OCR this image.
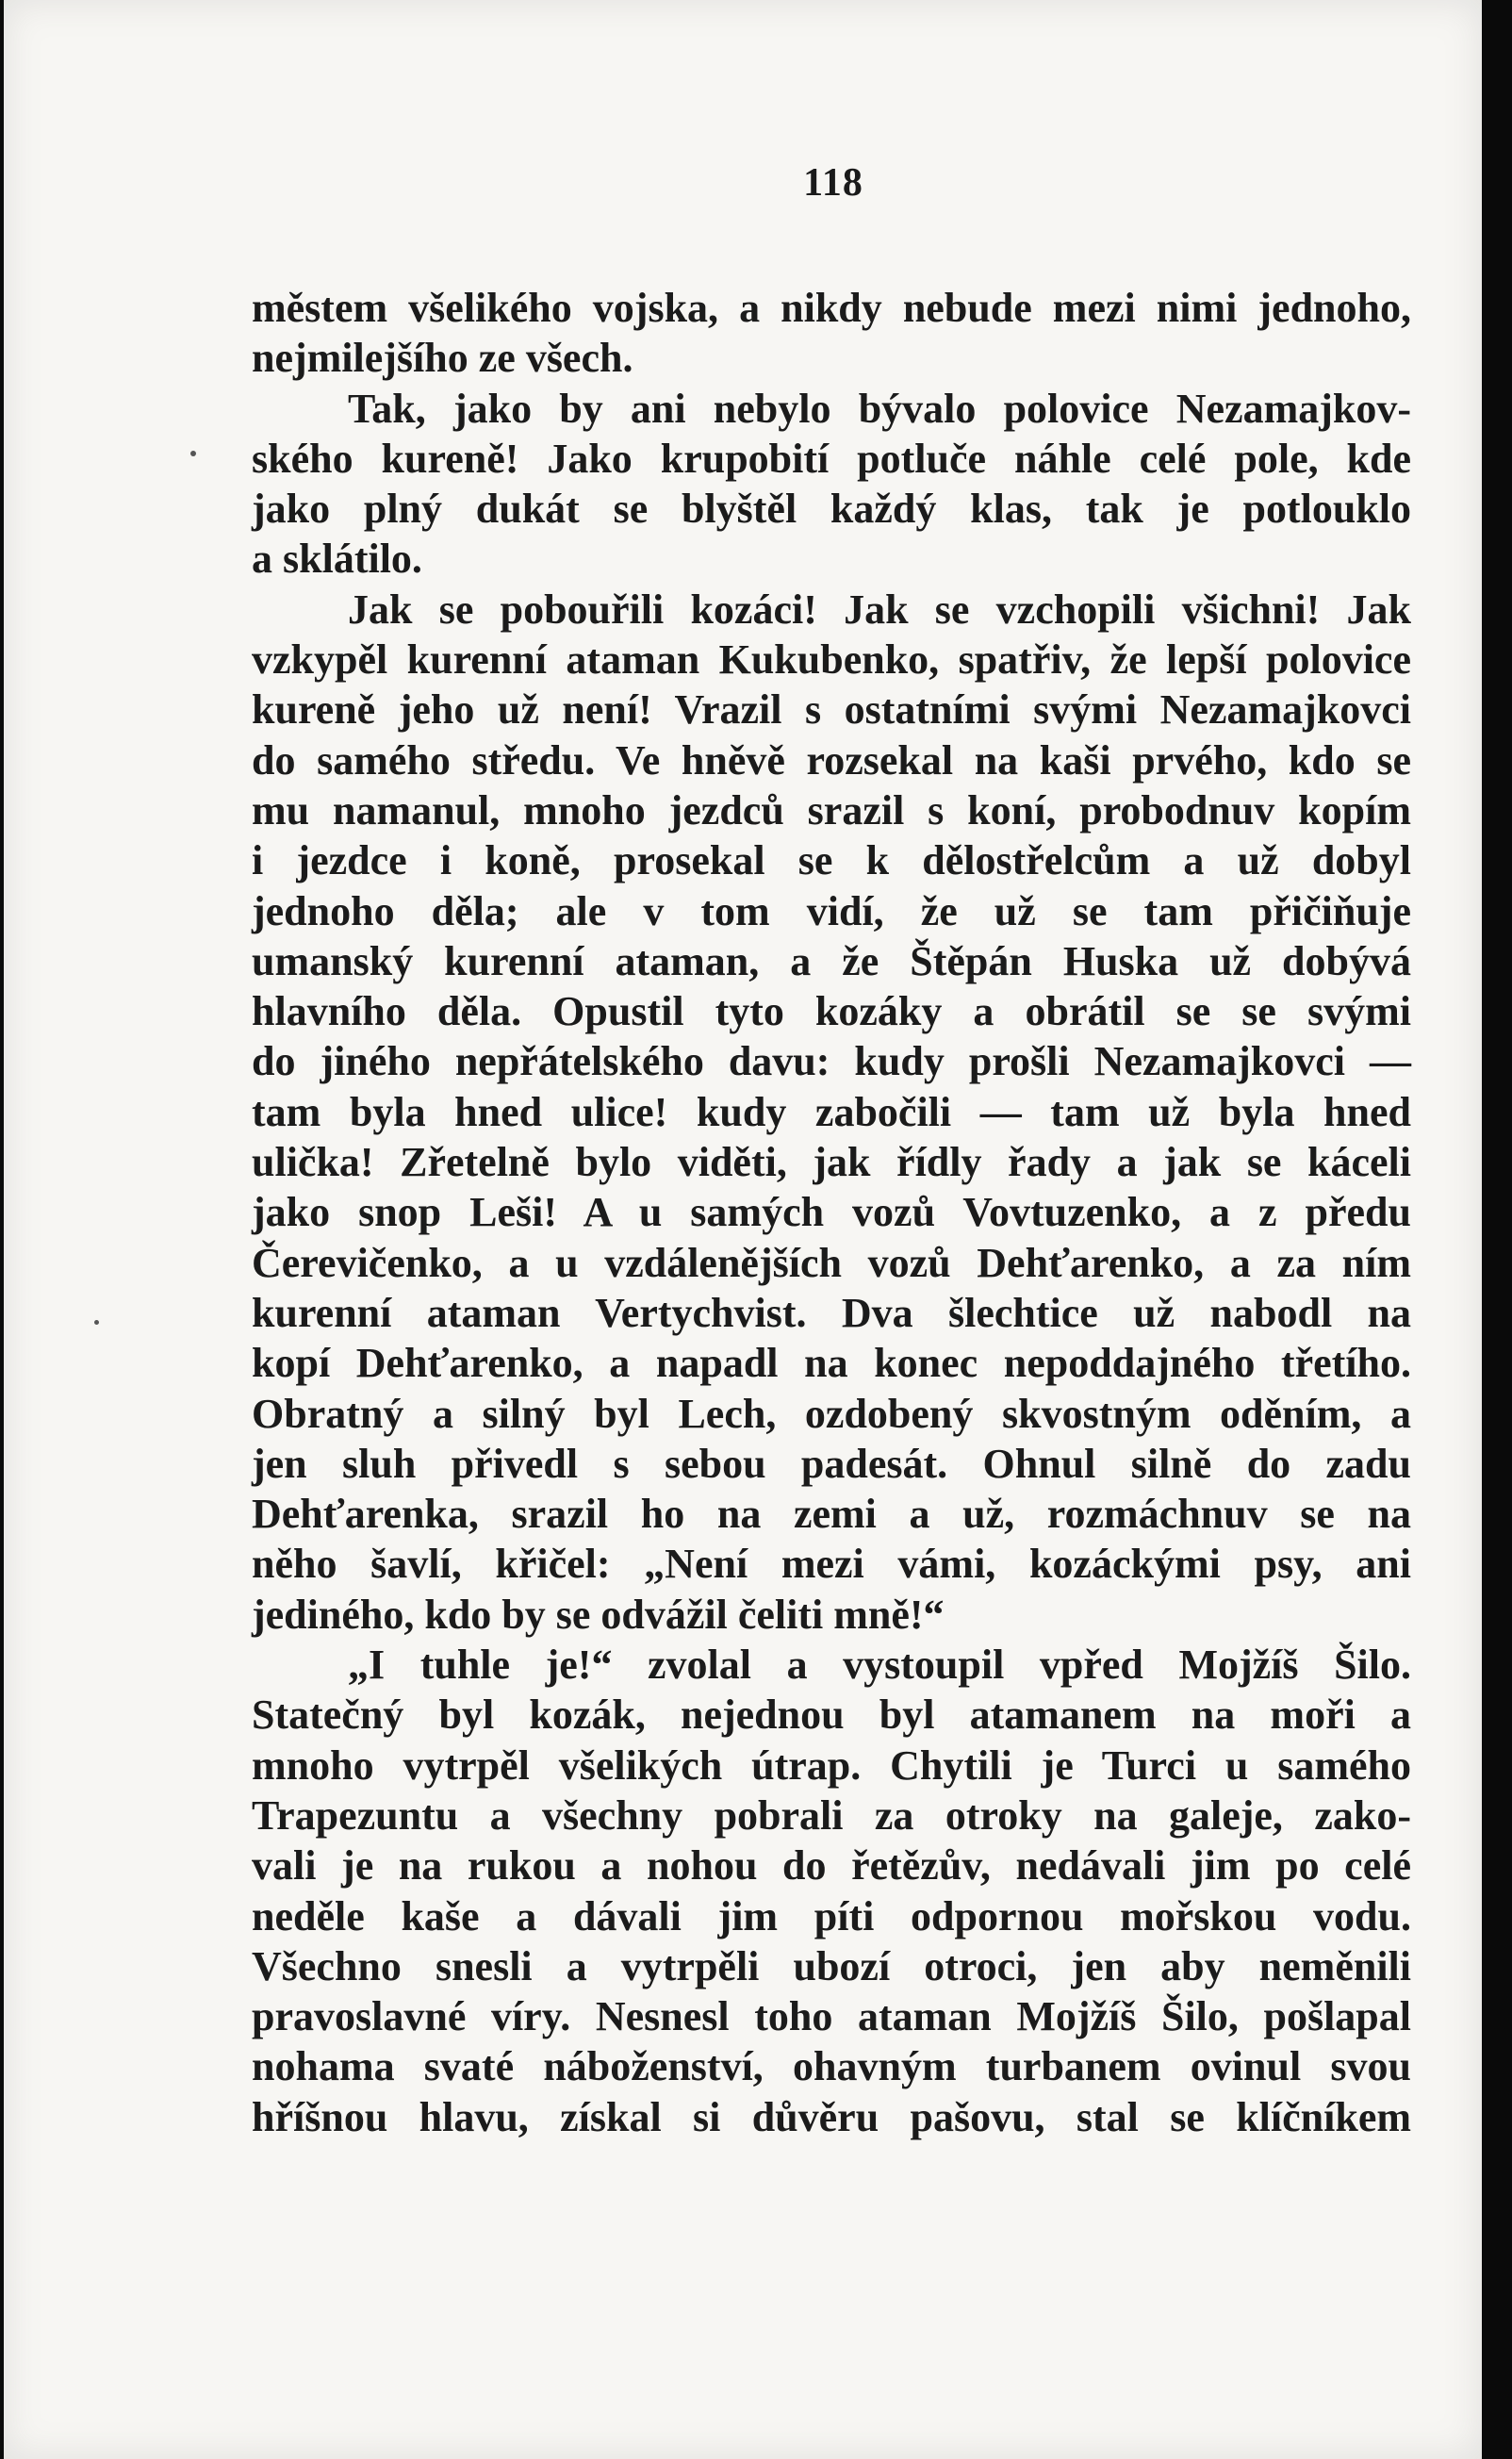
118
městem všelikého vojska, a nikdy nebude mezi nimi jednoho,
nejmilejšího ze všech.
Tak, jako by ani nebylo bývalo polovice Nezamajkov-
ského kureně! Jako krupobití potluče náhle celé pole, kde
jako plný dukát se blyštěl každý klas, tak je potlouklo
a sklátilo.
Jak se pobouřili kozáci! Jak se vzchopili všichni! Jak
vzkypěl kurenní ataman Kukubenko, spatřiv, že lepší polovice
kureně jeho už není! Vrazil s ostatními svými Nezamajkovci
do samého středu. Ve hněvě rozsekal na kaši prvého, kdo se
mu namanul, mnoho jezdců srazil s koní, probodnuv kopím
i jezdce i koně, prosekal se k dělostřelcům a už dobyl
jednoho děla; ale v tom vidí, že už se tam přičiňuje
umanský kurenní ataman, a že Štěpán Huska už dobývá
hlavního děla. Opustil tyto kozáky a obrátil se se svými
do jiného nepřátelského davu: kudy prošli Nezamajkovci —
tam byla hned ulice! kudy zabočili — tam už byla hned
ulička! Zřetelně bylo viděti, jak řídly řady a jak se káceli
jako snop Leši! A u samých vozů Vovtuzenko, a z předu
Čerevičenko, a u vzdálenějších vozů Dehťarenko, a za ním
kurenní ataman Vertychvist. Dva šlechtice už nabodl na
kopí Dehťarenko, a napadl na konec nepoddajného třetího.
Obratný a silný byl Lech, ozdobený skvostným oděním, a
jen sluh přivedl s sebou padesát. Ohnul silně do zadu
Dehťarenka, srazil ho na zemi a už, rozmáchnuv se na
něho šavlí, křičel: „Není mezi vámi, kozáckými psy, ani
jediného, kdo by se odvážil čeliti mně!“
„I tuhle je!“ zvolal a vystoupil vpřed Mojžíš Šilo.
Statečný byl kozák, nejednou byl atamanem na moři a
mnoho vytrpěl všelikých útrap. Chytili je Turci u samého
Trapezuntu a všechny pobrali za otroky na galeje, zako-
vali je na rukou a nohou do řetězův, nedávali jim po celé
neděle kaše a dávali jim píti odpornou mořskou vodu.
Všechno snesli a vytrpěli ubozí otroci, jen aby neměnili
pravoslavné víry. Nesnesl toho ataman Mojžíš Šilo, pošlapal
nohama svaté náboženství, ohavným turbanem ovinul svou
hříšnou hlavu, získal si důvěru pašovu, stal se klíčníkem
